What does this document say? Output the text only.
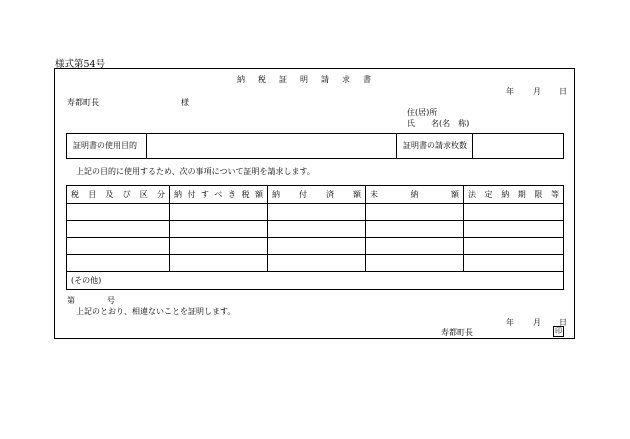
様式第54号
納税証明請求書
年 月 日
寿都町長	様
住(居)所
氏　　名(名　称)
証明書の使用目的	証明書の請求枚数
上記の目的に使用するため、次の事項について証明を請求します。
税目及び区分	納付すべき税額	納付済額	未納額	法定納期限等

(その他)				
第　　　　号
上記のとおり、相違ないことを証明します。
年 月 日
寿都町長	印
